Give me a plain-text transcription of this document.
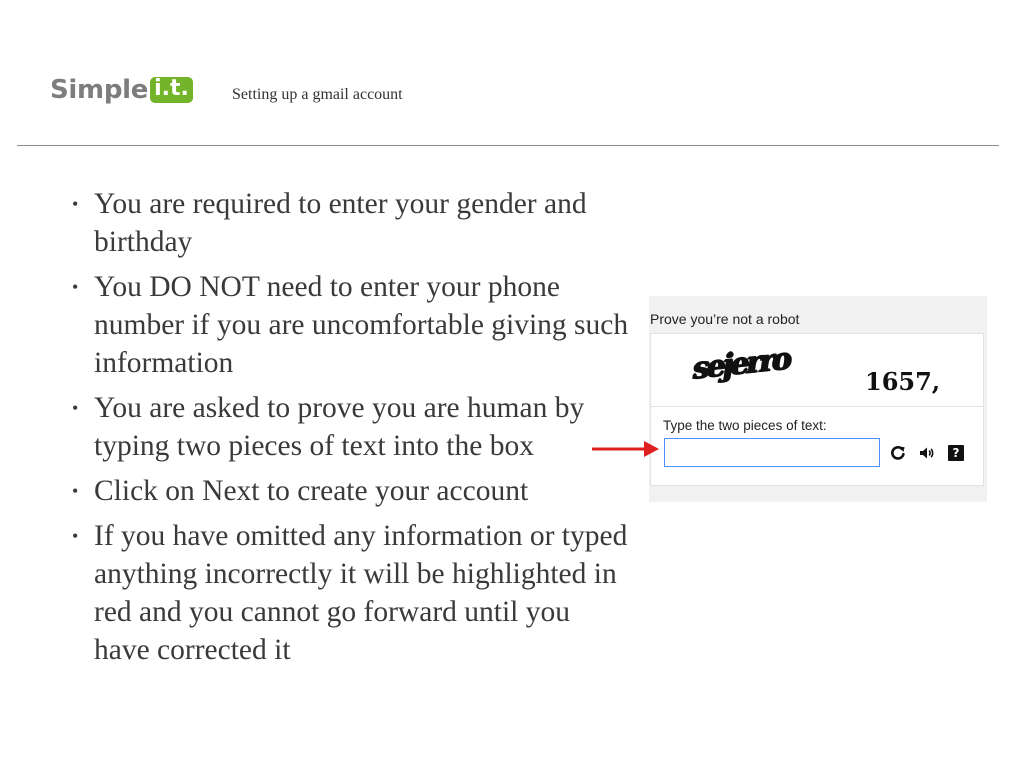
Simple i.t.	Setting up a gmail account
• You are required to enter your gender and birthday
• You DO NOT need to enter your phone number if you are uncomfortable giving such information
• You are asked to prove you are human by typing two pieces of text into the box
• Click on Next to create your account
• If you have omitted any information or typed anything incorrectly it will be highlighted in red and you cannot go forward until you have corrected it
Prove you’re not a robot
sejerro	1657,
Type the two pieces of text:
?
